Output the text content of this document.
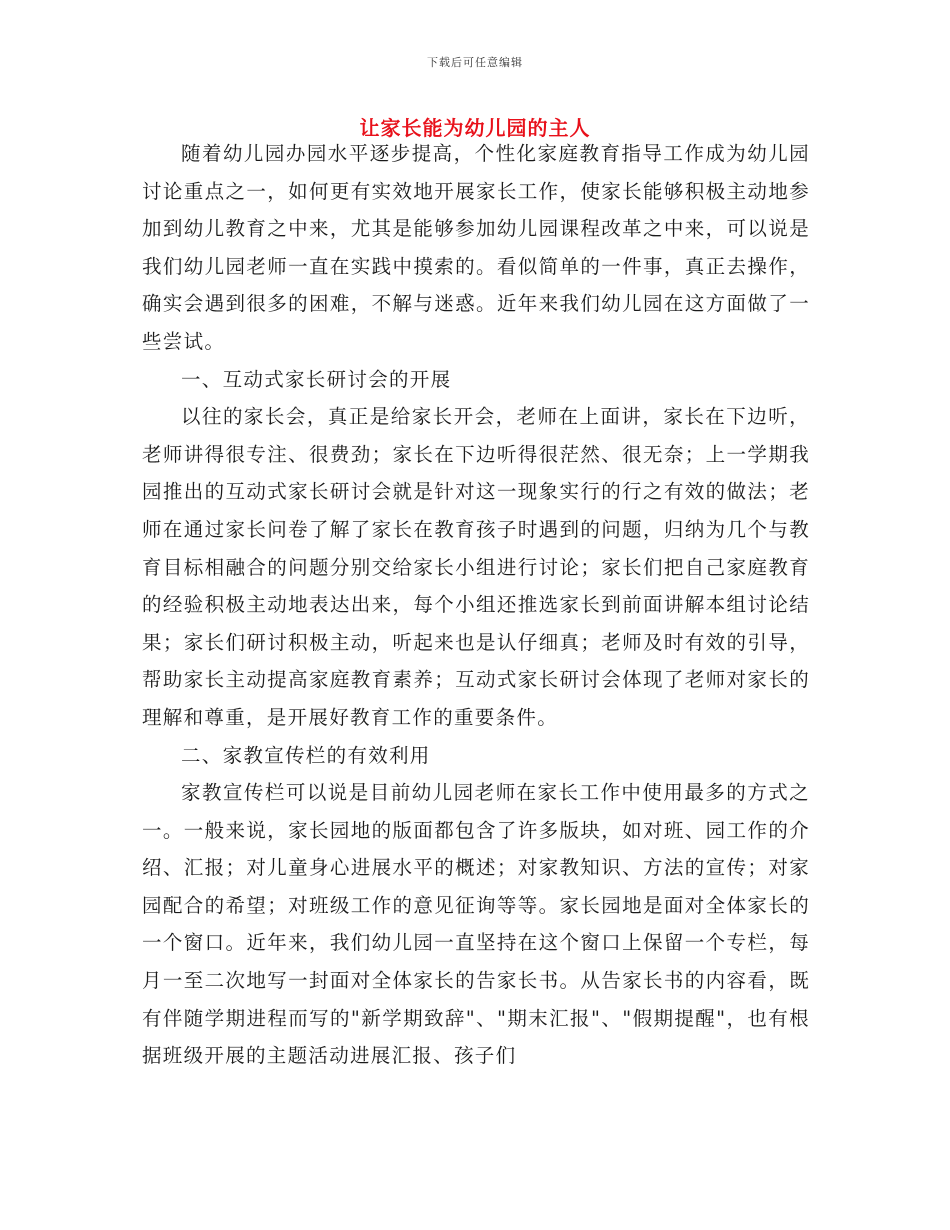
下载后可任意编辑
让家长能为幼儿园的主人

随着幼儿园办园水平逐步提高，个性化家庭教育指导工作成为幼儿园讨论重点之一，如何更有实效地开展家长工作，使家长能够积极主动地参加到幼儿教育之中来，尤其是能够参加幼儿园课程改革之中来，可以说是我们幼儿园老师一直在实践中摸索的。看似简单的一件事，真正去操作，确实会遇到很多的困难，不解与迷惑。近年来我们幼儿园在这方面做了一些尝试。

一、互动式家长研讨会的开展

以往的家长会，真正是给家长开会，老师在上面讲，家长在下边听，老师讲得很专注、很费劲；家长在下边听得很茫然、很无奈；上一学期我园推出的互动式家长研讨会就是针对这一现象实行的行之有效的做法；老师在通过家长问卷了解了家长在教育孩子时遇到的问题，归纳为几个与教育目标相融合的问题分别交给家长小组进行讨论；家长们把自己家庭教育的经验积极主动地表达出来，每个小组还推选家长到前面讲解本组讨论结果；家长们研讨积极主动，听起来也是认仔细真；老师及时有效的引导，帮助家长主动提高家庭教育素养；互动式家长研讨会体现了老师对家长的理解和尊重，是开展好教育工作的重要条件。

二、家教宣传栏的有效利用

家教宣传栏可以说是目前幼儿园老师在家长工作中使用最多的方式之一。一般来说，家长园地的版面都包含了许多版块，如对班、园工作的介绍、汇报；对儿童身心进展水平的概述；对家教知识、方法的宣传；对家园配合的希望；对班级工作的意见征询等等。家长园地是面对全体家长的一个窗口。近年来，我们幼儿园一直坚持在这个窗口上保留一个专栏，每月一至二次地写一封面对全体家长的告家长书。从告家长书的内容看，既有伴随学期进程而写的"新学期致辞"、"期末汇报"、"假期提醒"，也有根据班级开展的主题活动进展汇报、孩子们
